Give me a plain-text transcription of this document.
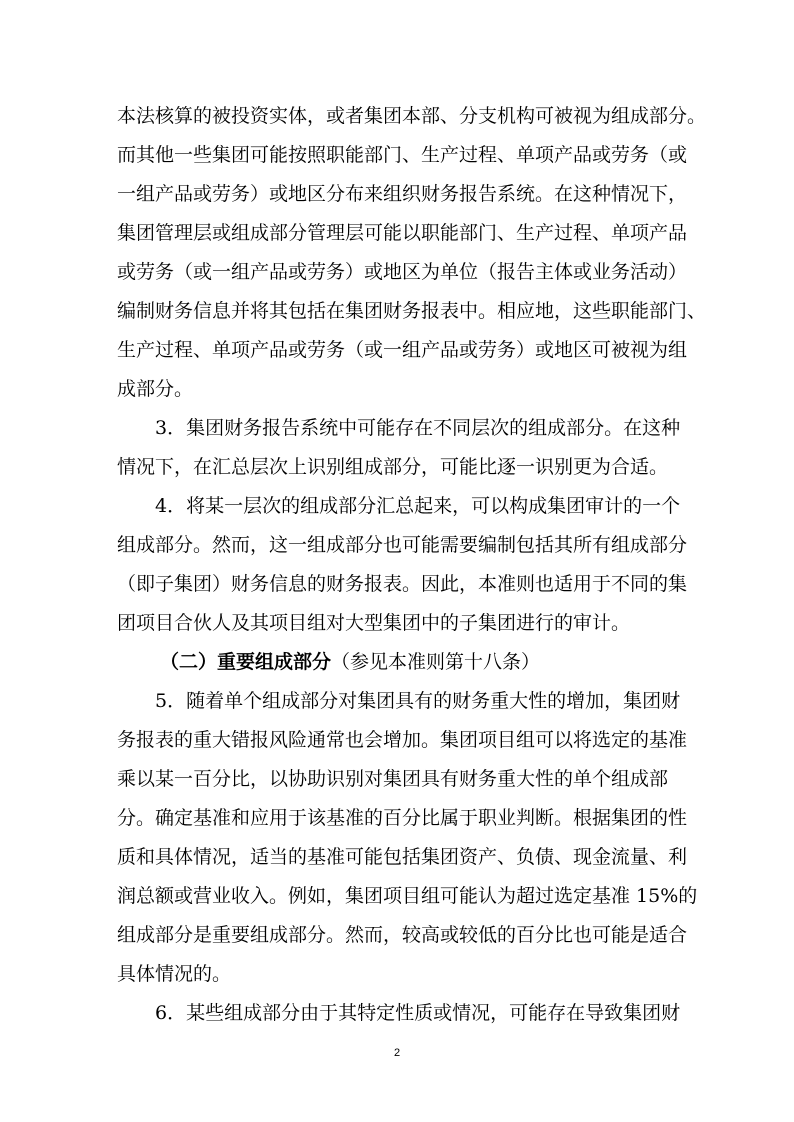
本法核算的被投资实体，或者集团本部、分支机构可被视为组成部分。
而其他一些集团可能按照职能部门、生产过程、单项产品或劳务（或
一组产品或劳务）或地区分布来组织财务报告系统。在这种情况下，
集团管理层或组成部分管理层可能以职能部门、生产过程、单项产品
或劳务（或一组产品或劳务）或地区为单位（报告主体或业务活动）
编制财务信息并将其包括在集团财务报表中。相应地，这些职能部门、
生产过程、单项产品或劳务（或一组产品或劳务）或地区可被视为组
成部分。
3．集团财务报告系统中可能存在不同层次的组成部分。在这种
情况下，在汇总层次上识别组成部分，可能比逐一识别更为合适。
4．将某一层次的组成部分汇总起来，可以构成集团审计的一个
组成部分。然而，这一组成部分也可能需要编制包括其所有组成部分
（即子集团）财务信息的财务报表。因此，本准则也适用于不同的集
团项目合伙人及其项目组对大型集团中的子集团进行的审计。
（二）重要组成部分（参见本准则第十八条）
5．随着单个组成部分对集团具有的财务重大性的增加，集团财
务报表的重大错报风险通常也会增加。集团项目组可以将选定的基准
乘以某一百分比，以协助识别对集团具有财务重大性的单个组成部
分。确定基准和应用于该基准的百分比属于职业判断。根据集团的性
质和具体情况，适当的基准可能包括集团资产、负债、现金流量、利
润总额或营业收入。例如，集团项目组可能认为超过选定基准 15%的
组成部分是重要组成部分。然而，较高或较低的百分比也可能是适合
具体情况的。
6．某些组成部分由于其特定性质或情况，可能存在导致集团财
2
